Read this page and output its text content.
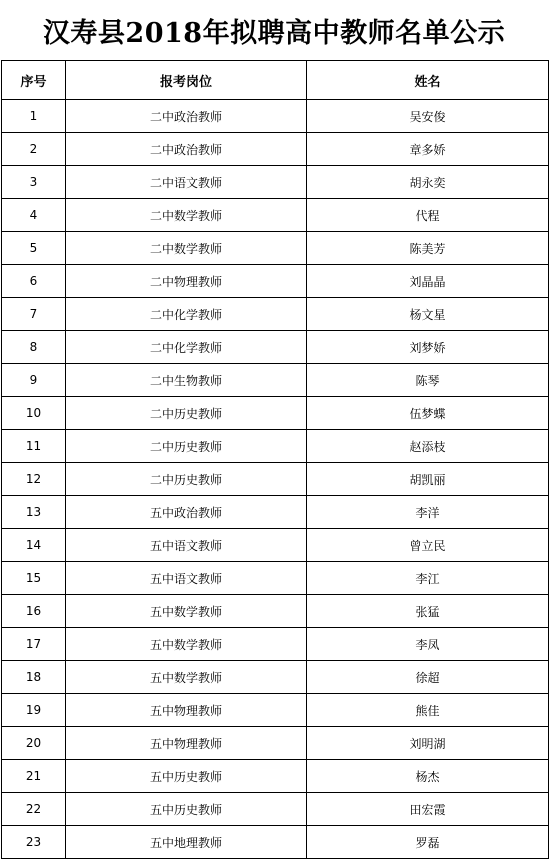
汉寿县2018年拟聘高中教师名单公示
序号	报考岗位	姓名
1	二中政治教师	吴安俊
2	二中政治教师	章多娇
3	二中语文教师	胡永奕
4	二中数学教师	代程
5	二中数学教师	陈美芳
6	二中物理教师	刘晶晶
7	二中化学教师	杨文星
8	二中化学教师	刘梦娇
9	二中生物教师	陈琴
10	二中历史教师	伍梦蝶
11	二中历史教师	赵添枝
12	二中历史教师	胡凯丽
13	五中政治教师	李洋
14	五中语文教师	曾立民
15	五中语文教师	李江
16	五中数学教师	张猛
17	五中数学教师	李凤
18	五中数学教师	徐超
19	五中物理教师	熊佳
20	五中物理教师	刘明湖
21	五中历史教师	杨杰
22	五中历史教师	田宏霞
23	五中地理教师	罗磊
